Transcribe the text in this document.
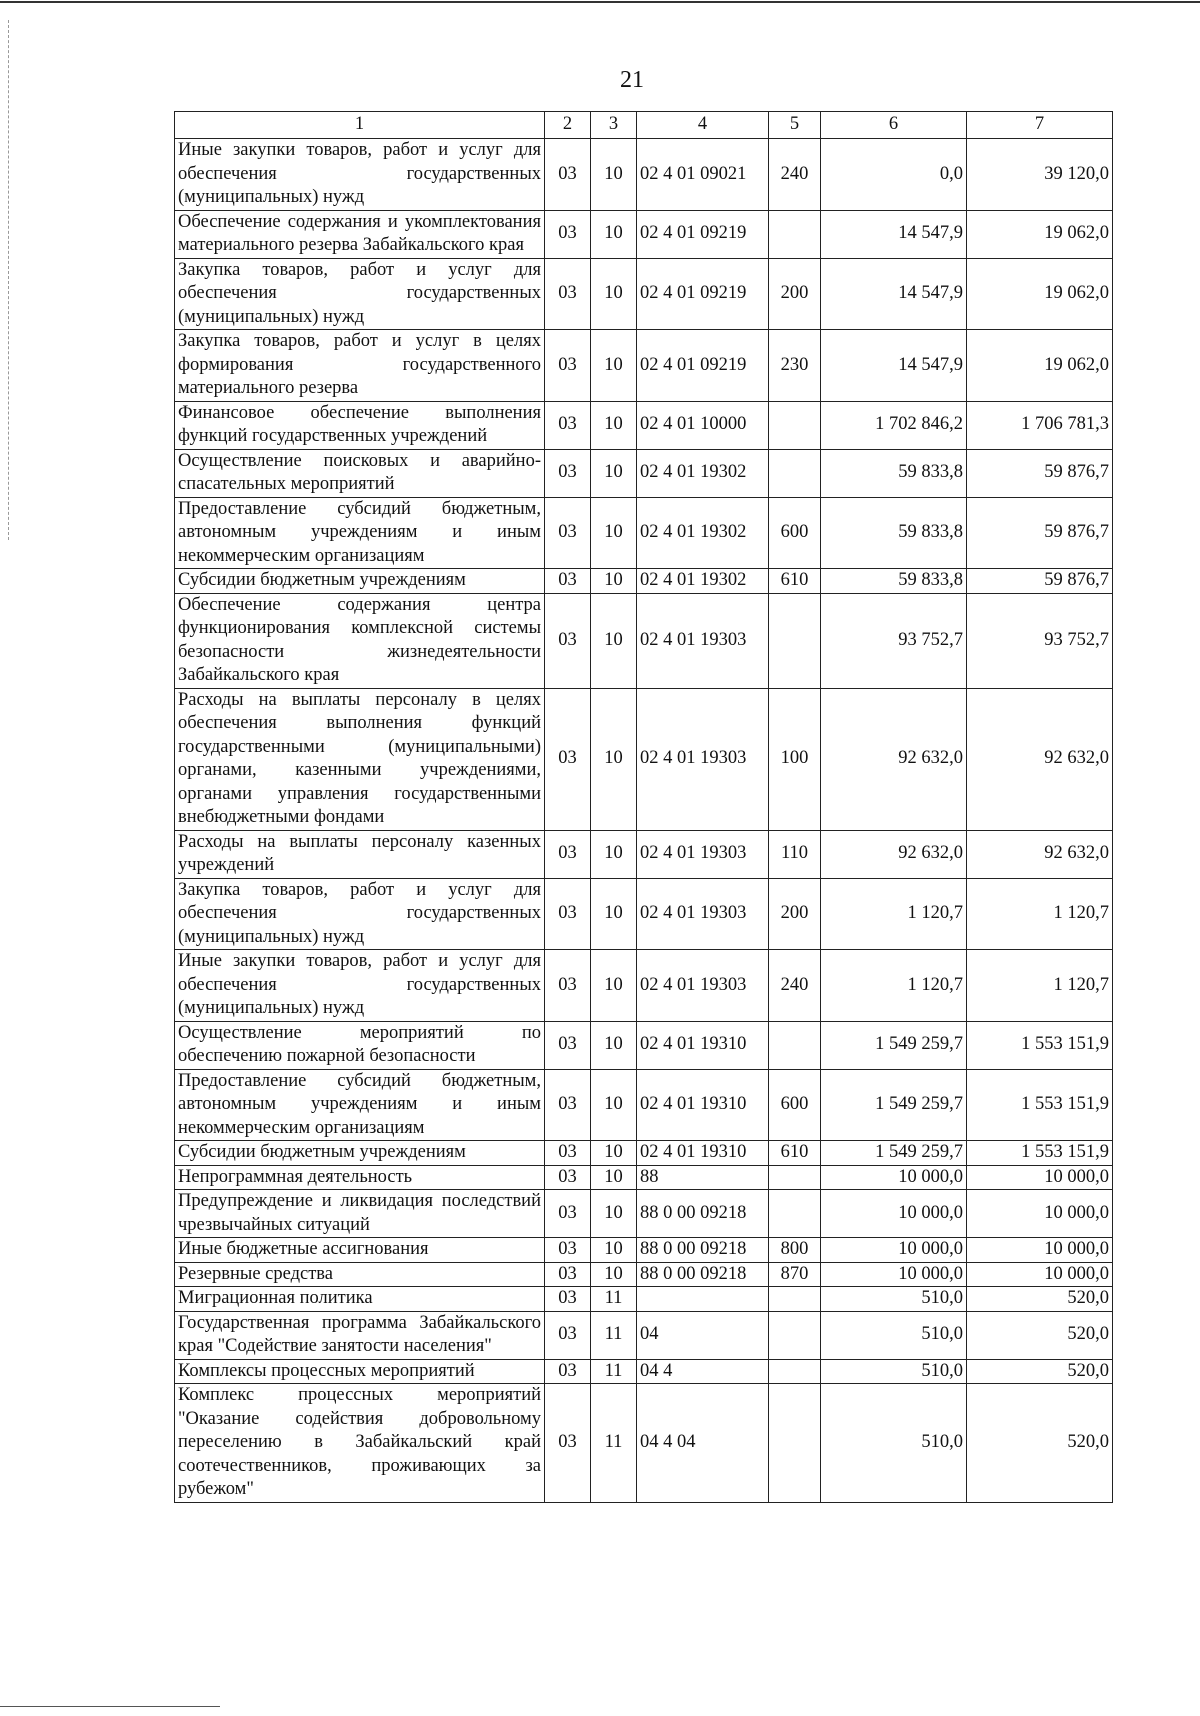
21
1	2	3	4	5	6	7
Иные закупки товаров, работ и услуг для обеспечения государственных (муниципальных) нужд	03	10	02 4 01 09021	240	0,0	39 120,0
Обеспечение содержания и укомплектования материального резерва Забайкальского края	03	10	02 4 01 09219		14 547,9	19 062,0
Закупка товаров, работ и услуг для обеспечения государственных (муниципальных) нужд	03	10	02 4 01 09219	200	14 547,9	19 062,0
Закупка товаров, работ и услуг в целях формирования государственного материального резерва	03	10	02 4 01 09219	230	14 547,9	19 062,0
Финансовое обеспечение выполнения функций государственных учреждений	03	10	02 4 01 10000		1 702 846,2	1 706 781,3
Осуществление поисковых и аварийно-спасательных мероприятий	03	10	02 4 01 19302		59 833,8	59 876,7
Предоставление субсидий бюджетным, автономным учреждениям и иным некоммерческим организациям	03	10	02 4 01 19302	600	59 833,8	59 876,7
Субсидии бюджетным учреждениям	03	10	02 4 01 19302	610	59 833,8	59 876,7
Обеспечение содержания центра функционирования комплексной системы безопасности жизнедеятельности Забайкальского края	03	10	02 4 01 19303		93 752,7	93 752,7
Расходы на выплаты персоналу в целях обеспечения выполнения функций государственными (муниципальными) органами, казенными учреждениями, органами управления государственными внебюджетными фондами	03	10	02 4 01 19303	100	92 632,0	92 632,0
Расходы на выплаты персоналу казенных учреждений	03	10	02 4 01 19303	110	92 632,0	92 632,0
Закупка товаров, работ и услуг для обеспечения государственных (муниципальных) нужд	03	10	02 4 01 19303	200	1 120,7	1 120,7
Иные закупки товаров, работ и услуг для обеспечения государственных (муниципальных) нужд	03	10	02 4 01 19303	240	1 120,7	1 120,7
Осуществление мероприятий по обеспечению пожарной безопасности	03	10	02 4 01 19310		1 549 259,7	1 553 151,9
Предоставление субсидий бюджетным, автономным учреждениям и иным некоммерческим организациям	03	10	02 4 01 19310	600	1 549 259,7	1 553 151,9
Субсидии бюджетным учреждениям	03	10	02 4 01 19310	610	1 549 259,7	1 553 151,9
Непрограммная деятельность	03	10	88		10 000,0	10 000,0
Предупреждение и ликвидация последствий чрезвычайных ситуаций	03	10	88 0 00 09218		10 000,0	10 000,0
Иные бюджетные ассигнования	03	10	88 0 00 09218	800	10 000,0	10 000,0
Резервные средства	03	10	88 0 00 09218	870	10 000,0	10 000,0
Миграционная политика	03	11			510,0	520,0
Государственная программа Забайкальского края "Содействие занятости населения"	03	11	04		510,0	520,0
Комплексы процессных мероприятий	03	11	04 4		510,0	520,0
Комплекс процессных мероприятий "Оказание содействия добровольному переселению в Забайкальский край соотечественников, проживающих за рубежом"	03	11	04 4 04		510,0	520,0
